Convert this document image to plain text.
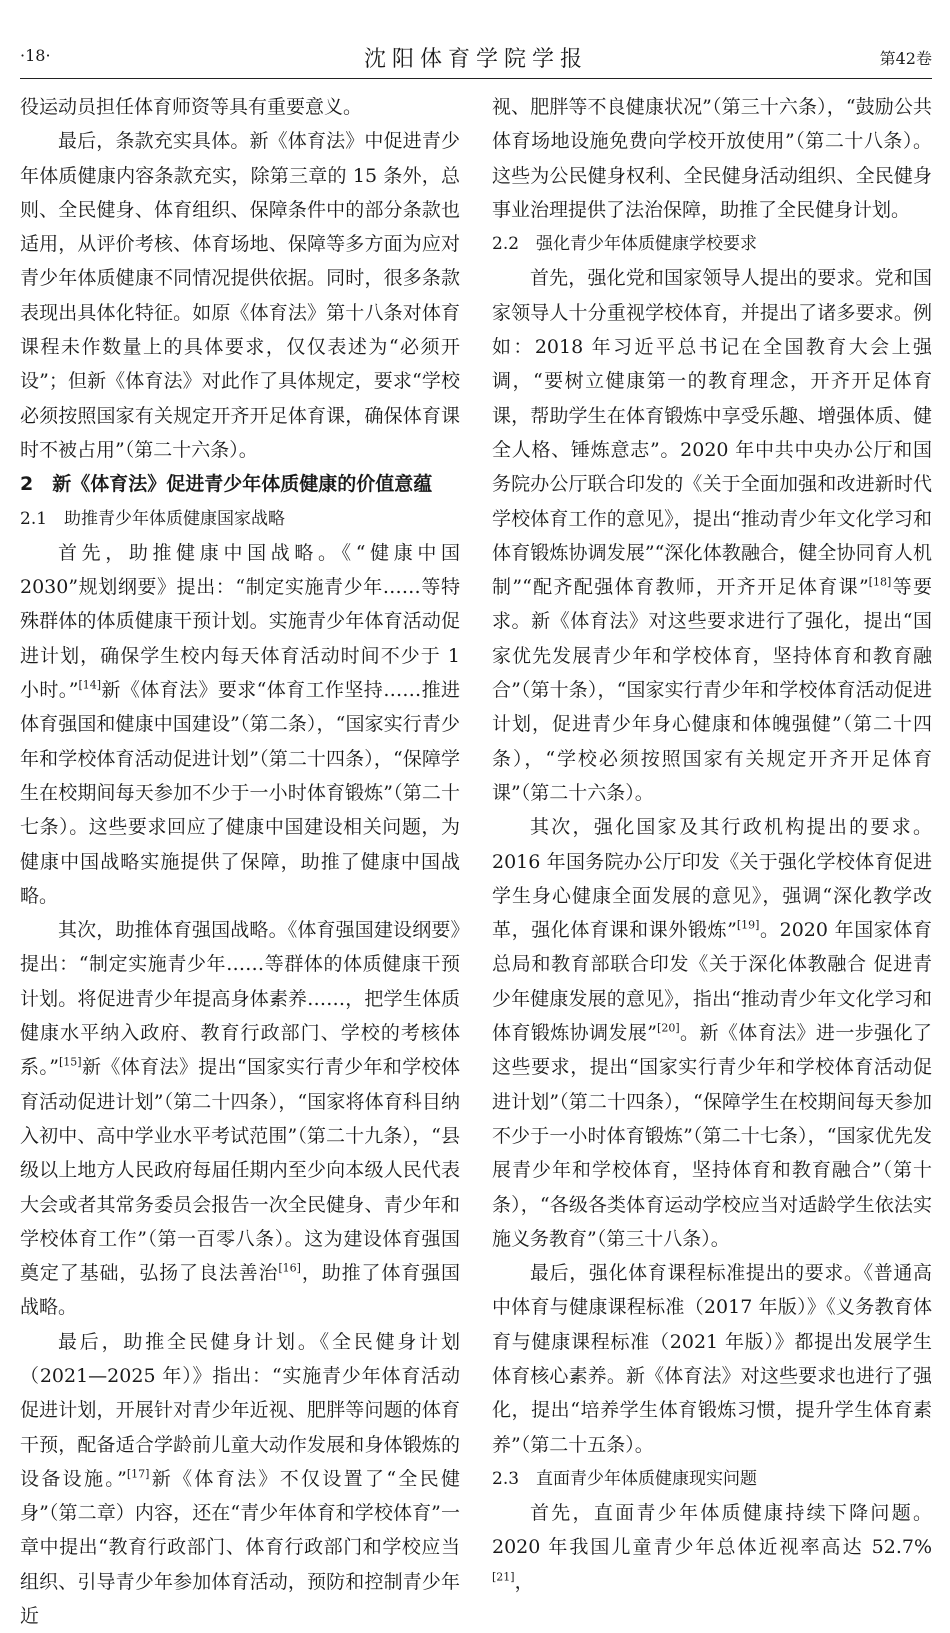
·18·	沈阳体育学院学报	第42卷

役运动员担任体育师资等具有重要意义。

最后，条款充实具体。新《体育法》中促进青少年体质健康内容条款充实，除第三章的 15 条外，总则、全民健身、体育组织、保障条件中的部分条款也适用，从评价考核、体育场地、保障等多方面为应对青少年体质健康不同情况提供依据。同时，很多条款表现出具体化特征。如原《体育法》第十八条对体育课程未作数量上的具体要求，仅仅表述为“必须开设”；但新《体育法》对此作了具体规定，要求“学校必须按照国家有关规定开齐开足体育课，确保体育课时不被占用”（第二十六条）。

2　新《体育法》促进青少年体质健康的价值意蕴
2.1　助推青少年体质健康国家战略

首先，助推健康中国战略。《“健康中国 2030”规划纲要》提出：“制定实施青少年……等特殊群体的体质健康干预计划。实施青少年体育活动促进计划，确保学生校内每天体育活动时间不少于 1 小时。”[14]新《体育法》要求“体育工作坚持……推进体育强国和健康中国建设”（第二条），“国家实行青少年和学校体育活动促进计划”（第二十四条），“保障学生在校期间每天参加不少于一小时体育锻炼”（第二十七条）。这些要求回应了健康中国建设相关问题，为健康中国战略实施提供了保障，助推了健康中国战略。

其次，助推体育强国战略。《体育强国建设纲要》提出：“制定实施青少年……等群体的体质健康干预计划。将促进青少年提高身体素养……，把学生体质健康水平纳入政府、教育行政部门、学校的考核体系。”[15]新《体育法》提出“国家实行青少年和学校体育活动促进计划”（第二十四条），“国家将体育科目纳入初中、高中学业水平考试范围”（第二十九条），“县级以上地方人民政府每届任期内至少向本级人民代表大会或者其常务委员会报告一次全民健身、青少年和学校体育工作”（第一百零八条）。这为建设体育强国奠定了基础，弘扬了良法善治[16]，助推了体育强国战略。

最后，助推全民健身计划。《全民健身计划（2021—2025 年）》指出：“实施青少年体育活动促进计划，开展针对青少年近视、肥胖等问题的体育干预，配备适合学龄前儿童大动作发展和身体锻炼的设备设施。”[17]新《体育法》不仅设置了“全民健身”（第二章）内容，还在“青少年体育和学校体育”一章中提出“教育行政部门、体育行政部门和学校应当组织、引导青少年参加体育活动，预防和控制青少年近

视、肥胖等不良健康状况”（第三十六条），“鼓励公共体育场地设施免费向学校开放使用”（第二十八条）。这些为公民健身权利、全民健身活动组织、全民健身事业治理提供了法治保障，助推了全民健身计划。

2.2　强化青少年体质健康学校要求

首先，强化党和国家领导人提出的要求。党和国家领导人十分重视学校体育，并提出了诸多要求。例如：2018 年习近平总书记在全国教育大会上强调，“要树立健康第一的教育理念，开齐开足体育课，帮助学生在体育锻炼中享受乐趣、增强体质、健全人格、锤炼意志”。2020 年中共中央办公厅和国务院办公厅联合印发的《关于全面加强和改进新时代学校体育工作的意见》，提出“推动青少年文化学习和体育锻炼协调发展”“深化体教融合，健全协同育人机制”“配齐配强体育教师，开齐开足体育课”[18]等要求。新《体育法》对这些要求进行了强化，提出“国家优先发展青少年和学校体育，坚持体育和教育融合”（第十条），“国家实行青少年和学校体育活动促进计划，促进青少年身心健康和体魄强健”（第二十四条），“学校必须按照国家有关规定开齐开足体育课”（第二十六条）。

其次，强化国家及其行政机构提出的要求。2016 年国务院办公厅印发《关于强化学校体育促进学生身心健康全面发展的意见》，强调“深化教学改革，强化体育课和课外锻炼”[19]。2020 年国家体育总局和教育部联合印发《关于深化体教融合 促进青少年健康发展的意见》，指出“推动青少年文化学习和体育锻炼协调发展”[20]。新《体育法》进一步强化了这些要求，提出“国家实行青少年和学校体育活动促进计划”（第二十四条），“保障学生在校期间每天参加不少于一小时体育锻炼”（第二十七条），“国家优先发展青少年和学校体育，坚持体育和教育融合”（第十条），“各级各类体育运动学校应当对适龄学生依法实施义务教育”（第三十八条）。

最后，强化体育课程标准提出的要求。《普通高中体育与健康课程标准（2017 年版）》《义务教育体育与健康课程标准（2021 年版）》都提出发展学生体育核心素养。新《体育法》对这些要求也进行了强化，提出“培养学生体育锻炼习惯，提升学生体育素养”（第二十五条）。

2.3　直面青少年体质健康现实问题

首先，直面青少年体质健康持续下降问题。2020 年我国儿童青少年总体近视率高达 52.7%[21]，
